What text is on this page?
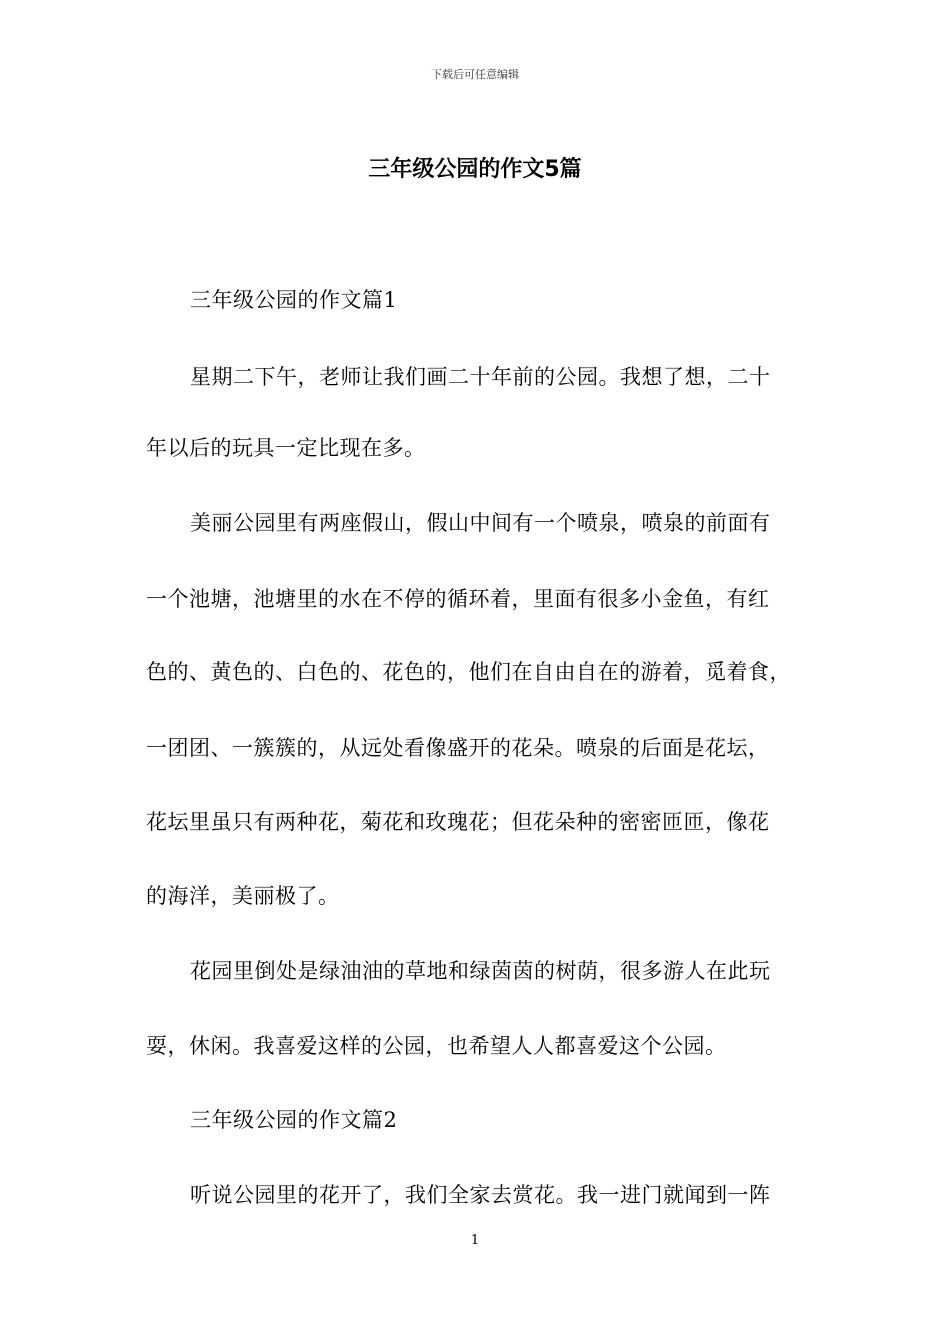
下载后可任意编辑
三年级公园的作文5篇
三年级公园的作文篇1
星期二下午，老师让我们画二十年前的公园。我想了想，二十
年以后的玩具一定比现在多。
美丽公园里有两座假山，假山中间有一个喷泉，喷泉的前面有
一个池塘，池塘里的水在不停的循环着，里面有很多小金鱼，有红
色的、黄色的、白色的、花色的，他们在自由自在的游着，觅着食，
一团团、一簇簇的，从远处看像盛开的花朵。喷泉的后面是花坛，
花坛里虽只有两种花，菊花和玫瑰花；但花朵种的密密匝匝，像花
的海洋，美丽极了。
花园里倒处是绿油油的草地和绿茵茵的树荫，很多游人在此玩
耍，休闲。我喜爱这样的公园，也希望人人都喜爱这个公园。
三年级公园的作文篇2
听说公园里的花开了，我们全家去赏花。我一进门就闻到一阵
1
